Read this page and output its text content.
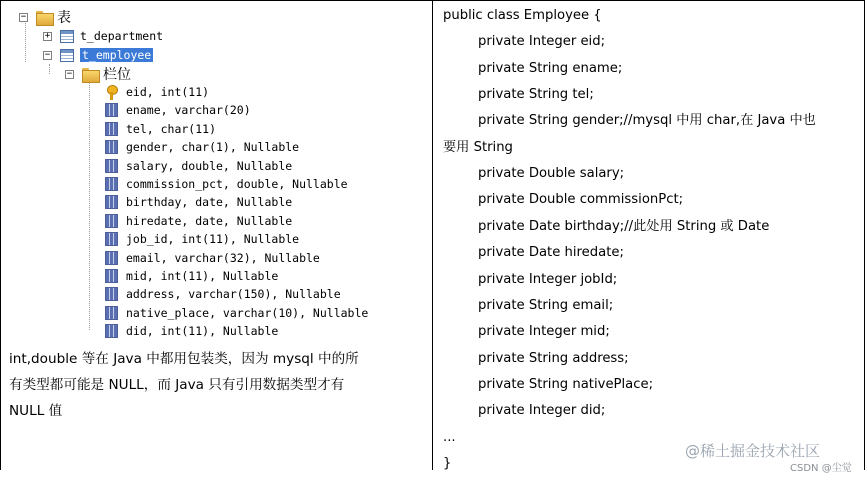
− 表
+	t_department
−	t_employee
− 栏位
eid, int(11)
ename, varchar(20)
tel, char(11)
gender, char(1), Nullable
salary, double, Nullable
commission_pct, double, Nullable
birthday, date, Nullable
hiredate, date, Nullable
job_id, int(11), Nullable
email, varchar(32), Nullable
mid, int(11), Nullable
address, varchar(150), Nullable
native_place, varchar(10), Nullable
did, int(11), Nullable
int,double 等在 Java 中都用包装类，因为 mysql 中的所
有类型都可能是 NULL，而 Java 只有引用数据类型才有
NULL 值
public class Employee {
private Integer eid;
private String ename;
private String tel;
private String gender;//mysql 中用 char,在 Java 中也
要用 String
private Double salary;
private Double commissionPct;
private Date birthday;//此处用 String 或 Date
private Date hiredate;
private Integer jobId;
private String email;
private Integer mid;
private String address;
private String nativePlace;
private Integer did;
...
}
@稀土掘金技术社区
CSDN @尘觉
